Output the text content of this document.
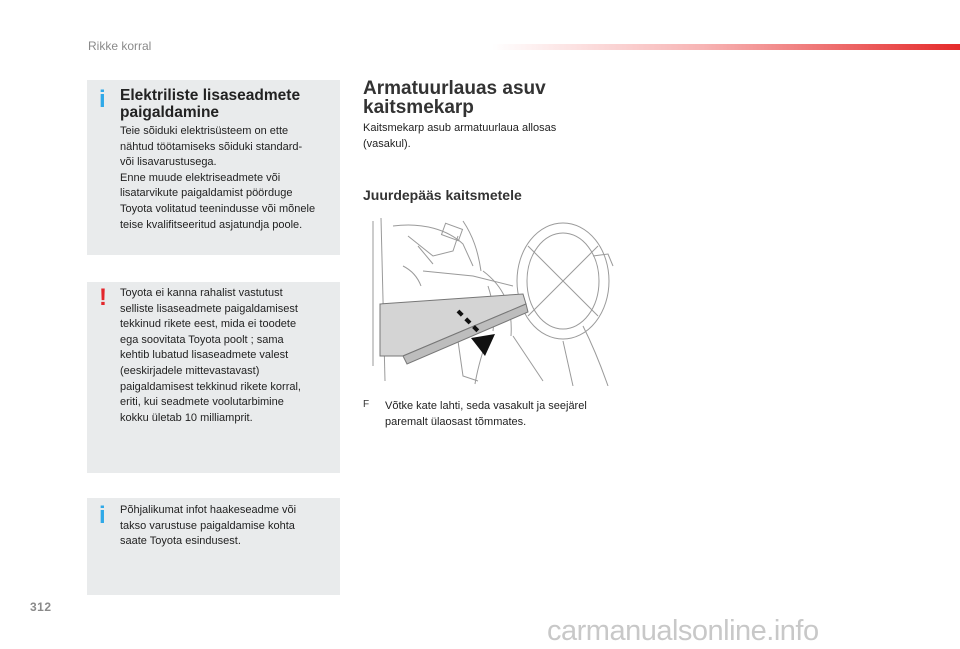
Rikke korral
i Elektriliste lisaseadmete
paigaldamine
Teie sõiduki elektrisüsteem on ette
nähtud töötamiseks sõiduki standard-
või lisavarustusega.
Enne muude elektriseadmete või
lisatarvikute paigaldamist pöörduge
Toyota volitatud teenindusse või mõnele
teise kvalifitseeritud asjatundja poole.
! Toyota ei kanna rahalist vastutust
selliste lisaseadmete paigaldamisest
tekkinud rikete eest, mida ei toodete
ega soovitata Toyota poolt ; sama
kehtib lubatud lisaseadmete valest
(eeskirjadele mittevastavast)
paigaldamisest tekkinud rikete korral,
eriti, kui seadmete voolutarbimine
kokku ületab 10 milliamprit.
i Põhjalikumat infot haakeseadme või
takso varustuse paigaldamise kohta
saate Toyota esindusest.
Armatuurlauas asuv
kaitsmekarp
Kaitsmekarp asub armatuurlaua allosas
(vasakul).
Juurdepääs kaitsmetele
F Võtke kate lahti, seda vasakult ja seejärel
paremalt ülaosast tõmmates.
312
carmanualsonline.info
